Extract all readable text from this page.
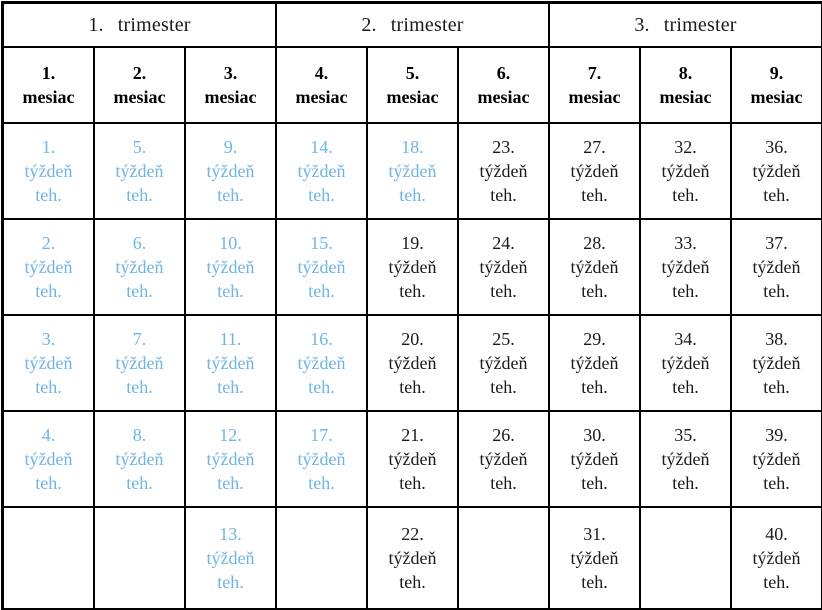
1. trimester			2. trimester			3. trimester		

1.
mesiac	2.
mesiac	3.
mesiac	4.
mesiac	5.
mesiac	6.
mesiac	7.
mesiac	8.
mesiac	9.
mesiac

1.
týždeň
teh.	5.
týždeň
teh.	9.
týždeň
teh.	14.
týždeň
teh.	18.
týždeň
teh.	23.
týždeň
teh.	27.
týždeň
teh.	32.
týždeň
teh.	36.
týždeň
teh.

2.
týždeň
teh.	6.
týždeň
teh.	10.
týždeň
teh.	15.
týždeň
teh.	19.
týždeň
teh.	24.
týždeň
teh.	28.
týždeň
teh.	33.
týždeň
teh.	37.
týždeň
teh.

3.
týždeň
teh.	7.
týždeň
teh.	11.
týždeň
teh.	16.
týždeň
teh.	20.
týždeň
teh.	25.
týždeň
teh.	29.
týždeň
teh.	34.
týždeň
teh.	38.
týždeň
teh.

4.
týždeň
teh.	8.
týždeň
teh.	12.
týždeň
teh.	17.
týždeň
teh.	21.
týždeň
teh.	26.
týždeň
teh.	30.
týždeň
teh.	35.
týždeň
teh.	39.
týždeň
teh.

		13.
týždeň
teh.		22.
týždeň
teh.		31.
týždeň
teh.		40.
týždeň
teh.
